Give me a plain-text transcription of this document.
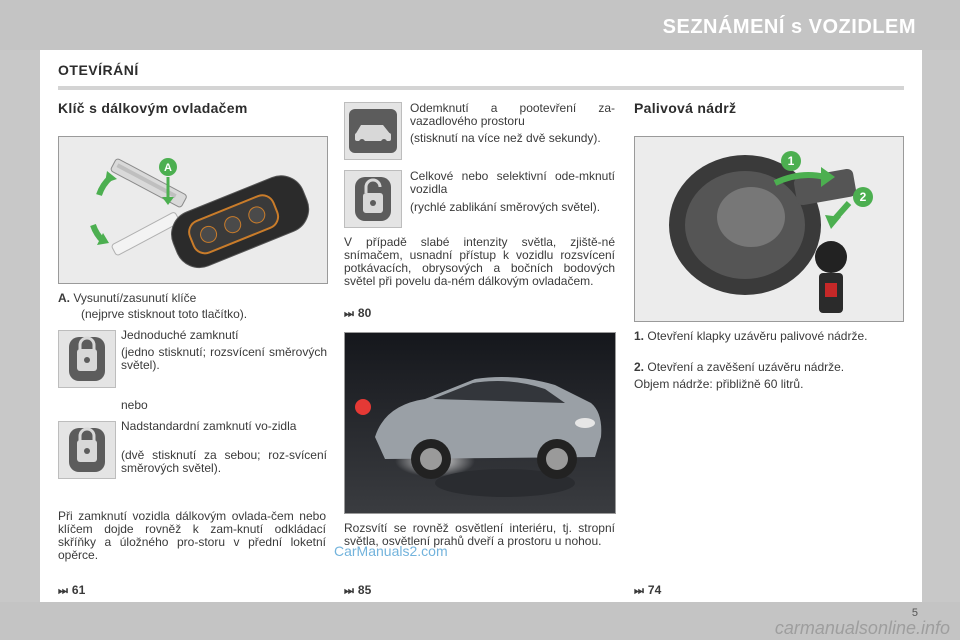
SEZNÁMENÍ s VOZIDLEM
OTEVÍRÁNÍ
Klíč s dálkovým ovladačem
A
A. Vysunutí/zasunutí klíče
(nejprve stisknout toto tlačítko).
Jednoduché zamknutí
(jedno stisknutí; rozsvícení směrových světel).
nebo
Nadstandardní zamknutí vo-zidla
(dvě stisknutí za sebou; roz-svícení směrových světel).
Při zamknutí vozidla dálkovým ovlada-čem nebo klíčem dojde rovněž k zam-knutí odkládací skříňky a úložného pro-storu v přední loketní opěrce.
⏭ 61
Odemknutí a pootevření za-vazadlového prostoru
(stisknutí na více než dvě sekundy).
Celkové nebo selektivní ode-mknutí vozidla
(rychlé zablikání směrových světel).
V případě slabé intenzity světla, zjiště-né snímačem, usnadní přístup k vozidlu rozsvícení potkávacích, obrysových a bočních bodových světel při povelu da-ném dálkovým ovladačem.
⏭ 80
Rozsvítí se rovněž osvětlení interiéru, tj. stropní světla, osvětlení prahů dveří a prostoru u nohou.
⏭ 85
Palivová nádrž
1
2
1. Otevření klapky uzávěru palivové nádrže.
2. Otevření a zavěšení uzávěru nádrže.
Objem nádrže: přibližně 60 litrů.
⏭ 74
5
CarManuals2.com
carmanualsonline.info
